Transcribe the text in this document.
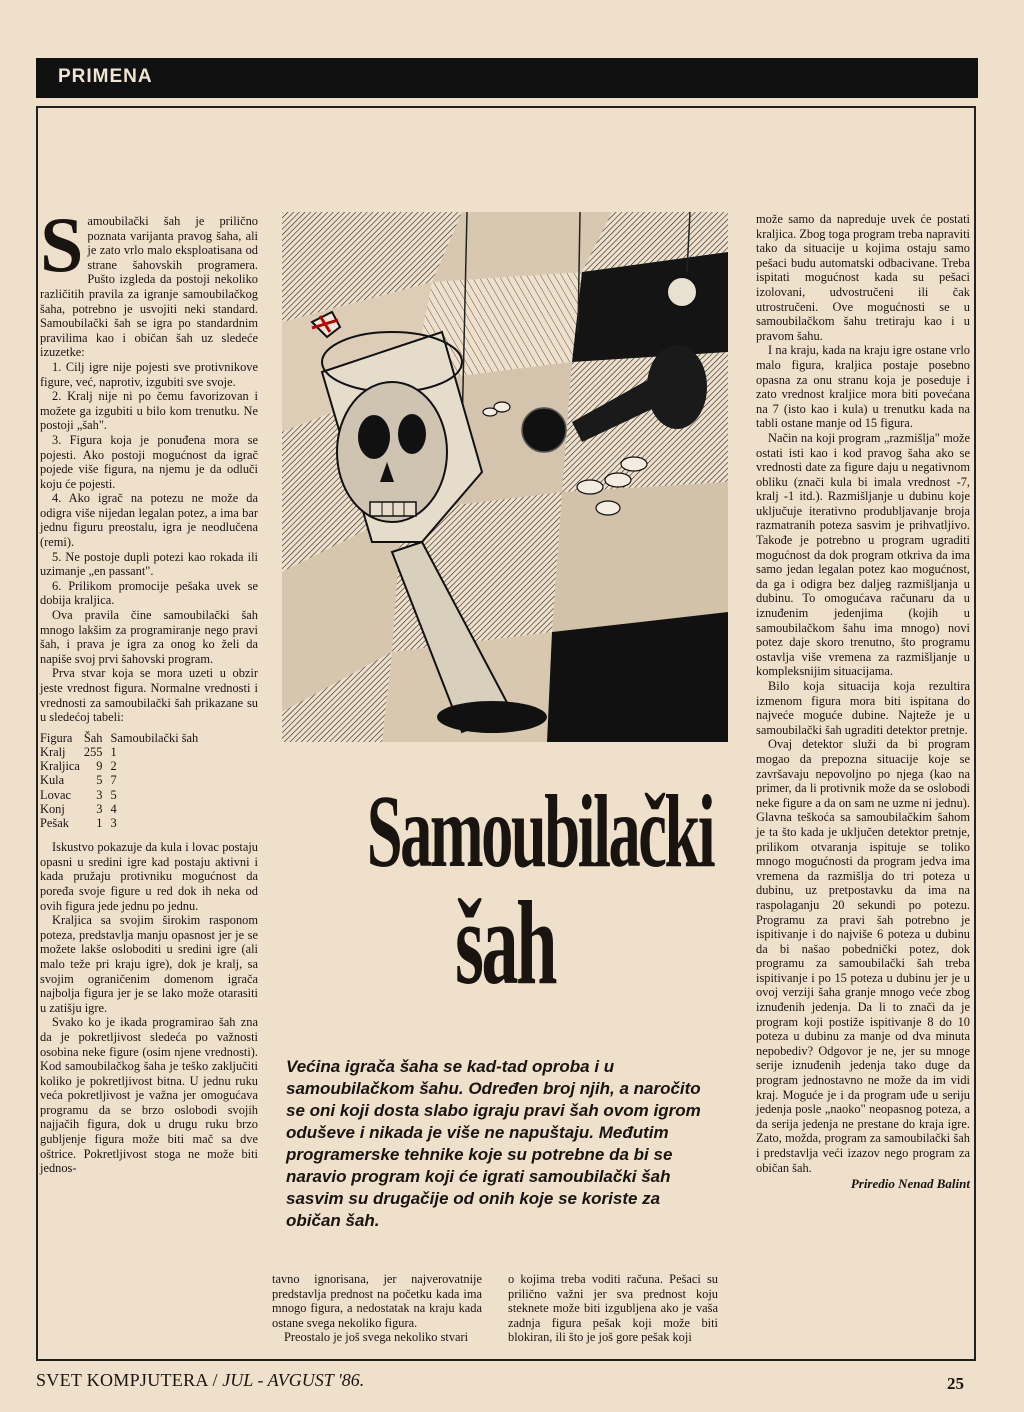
PRIMENA

Samoubilački šah je prilično poznata varijanta pravog šaha, ali je zato vrlo malo eksploatisana od strane šahovskih programera. Pušto izgleda da postoji nekoliko različitih pravila za igranje samoubilačkog šaha, potrebno je usvojiti neki standard. Samoubilački šah se igra po standardnim pravilima kao i običan šah uz sledeće izuzetke:

1. Cilj igre nije pojesti sve protivnikove figure, već, naprotiv, izgubiti sve svoje.

2. Kralj nije ni po čemu favorizovan i možete ga izgubiti u bilo kom trenutku. Ne postoji „šah".

3. Figura koja je ponuđena mora se pojesti. Ako postoji mogućnost da igrač pojede više figura, na njemu je da odluči koju će pojesti.

4. Ako igrač na potezu ne može da odigra više nijedan legalan potez, a ima bar jednu figuru preostalu, igra je neodlučena (remi).

5. Ne postoje dupli potezi kao rokada ili uzimanje „en passant".

6. Prilikom promocije pešaka uvek se dobija kraljica.

Ova pravila čine samoubilački šah mnogo lakšim za programiranje nego pravi šah, i prava je igra za onog ko želi da napiše svoj prvi šahovski program.

Prva stvar koja se mora uzeti u obzir jeste vrednost figura. Normalne vrednosti i vrednosti za samoubilački šah prikazane su u sledećoj tabeli:

Figura	Šah	Samoubilački šah
Kralj	255	1
Kraljica	9	2
Kula	5	7
Lovac	3	5
Konj	3	4
Pešak	1	3

Iskustvo pokazuje da kula i lovac postaju opasni u sredini igre kad postaju aktivni i kada pružaju protivniku mogućnost da poređa svoje figure u red dok ih neka od ovih figura jede jednu po jednu.

Kraljica sa svojim širokim rasponom poteza, predstavlja manju opasnost jer je se možete lakše osloboditi u sredini igre (ali malo teže pri kraju igre), dok je kralj, sa svojim ograničenim domenom igrača najbolja figura jer je se lako može otarasiti u zatišju igre.

Svako ko je ikada programirao šah zna da je pokretljivost sledeća po važnosti osobina neke figure (osim njene vrednosti). Kod samoubilačkog šaha je teško zaključiti koliko je pokretljivost bitna. U jednu ruku veća pokretljivost je važna jer omogućava programu da se brzo oslobodi svojih najjačih figura, dok u drugu ruku brzo gubljenje figura može biti mač sa dve oštrice. Pokretljivost stoga ne može biti jednos-

Samoubilački
šah
Većina igrača šaha se kad-tad oproba i u samoubilačkom šahu. Određen broj njih, a naročito se oni koji dosta slabo igraju pravi šah ovom igrom oduševe i nikada je više ne napuštaju. Međutim programerske tehnike koje su potrebne da bi se naravio program koji će igrati samoubilački šah sasvim su drugačije od onih koje se koriste za običan šah.

tavno ignorisana, jer najverovatnije predstavlja prednost na početku kada ima mnogo figura, a nedostatak na kraju kada ostane svega nekoliko figura.

Preostalo je još svega nekoliko stvari

o kojima treba voditi računa. Pešaci su prilično važni jer sva prednost koju steknete može biti izgubljena ako je vaša zadnja figura pešak koji može biti blokiran, ili što je još gore pešak koji

može samo da napreduje uvek će postati kraljica. Zbog toga program treba napraviti tako da situacije u kojima ostaju samo pešaci budu automatski odbacivane. Treba ispitati mogućnost kada su pešaci izolovani, udvostručeni ili čak utrostručeni. Ove mogućnosti se u samoubilačkom šahu tretiraju kao i u pravom šahu.

I na kraju, kada na kraju igre ostane vrlo malo figura, kraljica postaje posebno opasna za onu stranu koja je poseduje i zato vrednost kraljice mora biti povećana na 7 (isto kao i kula) u trenutku kada na tabli ostane manje od 15 figura.

Način na koji program „razmišlja" može ostati isti kao i kod pravog šaha ako se vrednosti date za figure daju u negativnom obliku (znači kula bi imala vrednost -7, kralj -1 itd.). Razmišljanje u dubinu koje uključuje iterativno produbljavanje broja razmatranih poteza sasvim je prihvatljivo. Takođe je potrebno u program ugraditi mogućnost da dok program otkriva da ima samo jedan legalan potez kao mogućnost, da ga i odigra bez daljeg razmišljanja u dubinu. To omogućava računaru da u iznuđenim jedenjima (kojih u samoubilačkom šahu ima mnogo) novi potez daje skoro trenutno, što programu ostavlja više vremena za razmišljanje u kompleksnijim situacijama.

Bilo koja situacija koja rezultira izmenom figura mora biti ispitana do najveće moguće dubine. Najteže je u samoubilački šah ugraditi detektor pretnje.

Ovaj detektor služi da bi program mogao da prepozna situacije koje se završavaju nepovoljno po njega (kao na primer, da li protivnik može da se oslobodi neke figure a da on sam ne uzme ni jednu). Glavna teškoća sa samoubilačkim šahom je ta što kada je uključen detektor pretnje, prilikom otvaranja ispituje se toliko mnogo mogućnosti da program jedva ima vremena da razmišlja do tri poteza u dubinu, uz pretpostavku da ima na raspolaganju 20 sekundi po potezu. Programu za pravi šah potrebno je ispitivanje i do najviše 6 poteza u dubinu da bi našao pobednički potez, dok programu za samoubilački šah treba ispitivanje i po 15 poteza u dubinu jer je u ovoj verziji šaha granje mnogo veće zbog iznuđenih jedenja. Da li to znači da je program koji postiže ispitivanje 8 do 10 poteza u dubinu za manje od dva minuta nepobediv? Odgovor je ne, jer su mnoge serije iznuđenih jedenja tako duge da program jednostavno ne može da im vidi kraj. Moguće je i da program uđe u seriju jedenja posle „naoko" neopasnog poteza, a da serija jedenja ne prestane do kraja igre. Zato, možda, program za samoubilački šah i predstavlja veći izazov nego program za običan šah.

Priredio Nenad Balint
SVET KOMPJUTERA / JUL - AVGUST '86.	25
